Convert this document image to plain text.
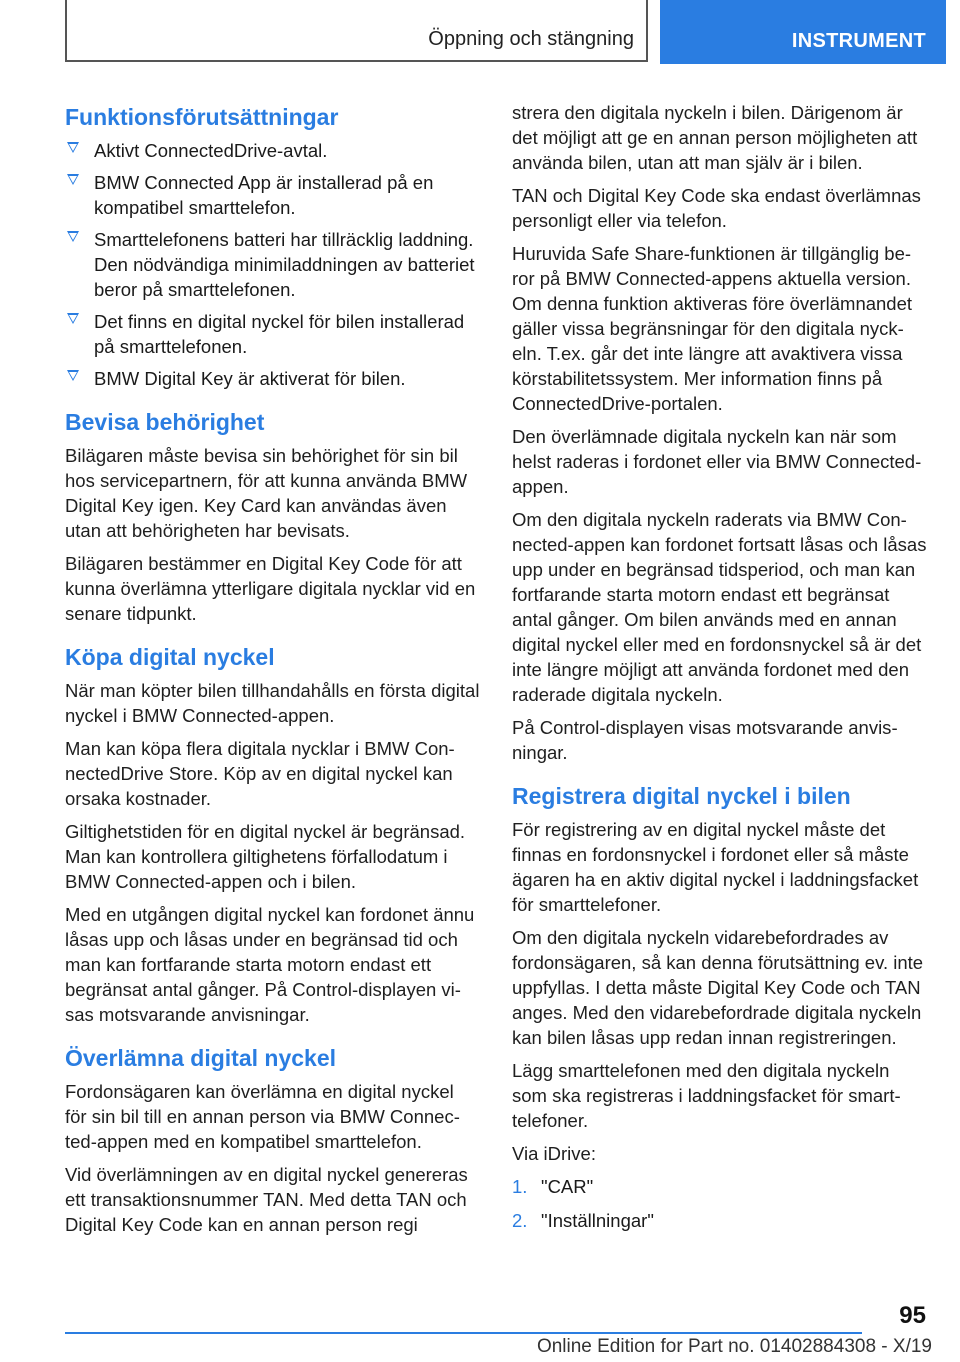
Öppning och stängning	INSTRUMENT
Funktionsförutsättningar
Aktivt ConnectedDrive-avtal.
BMW Connected App är installerad på en kompatibel smarttelefon.
Smarttelefonens batteri har tillräcklig laddning. Den nödvändiga minimiladdningen av batteriet beror på smarttelefonen.
Det finns en digital nyckel för bilen installerad på smarttelefonen.
BMW Digital Key är aktiverat för bilen.
Bevisa behörighet

Bilägaren måste bevisa sin behörighet för sin bil hos servicepartnern, för att kunna använda BMW Digital Key igen. Key Card kan användas även utan att behörigheten har bevisats.

Bilägaren bestämmer en Digital Key Code för att kunna överlämna ytterligare digitala nycklar vid en senare tidpunkt.

Köpa digital nyckel

När man köpter bilen tillhandahålls en första digital nyckel i BMW Connected-appen.

Man kan köpa flera digitala nycklar i BMW ConnectedDrive Store. Köp av en digital nyckel kan orsaka kostnader.

Giltighetstiden för en digital nyckel är begränsad. Man kan kontrollera giltighetens förfallodatum i BMW Connected-appen och i bilen.

Med en utgången digital nyckel kan fordonet ännu låsas upp och låsas under en begränsad tid och man kan fortfarande starta motorn endast ett begränsat antal gånger. På Control-displayen visas motsvarande anvisningar.

Överlämna digital nyckel

Fordonsägaren kan överlämna en digital nyckel för sin bil till en annan person via BMW Connected-appen med en kompatibel smarttelefon.

Vid överlämningen av en digital nyckel genereras ett transaktionsnummer TAN. Med detta TAN och Digital Key Code kan en annan person regi

strera den digitala nyckeln i bilen. Därigenom är det möjligt att ge en annan person möjligheten att använda bilen, utan att man själv är i bilen.

TAN och Digital Key Code ska endast överlämnas personligt eller via telefon.

Huruvida Safe Share-funktionen är tillgänglig beror på BMW Connected-appens aktuella version. Om denna funktion aktiveras före överlämnandet gäller vissa begränsningar för den digitala nyckeln. T.ex. går det inte längre att avaktivera vissa körstabilitetssystem. Mer information finns på ConnectedDrive-portalen.

Den överlämnade digitala nyckeln kan när som helst raderas i fordonet eller via BMW Connected-appen.

Om den digitala nyckeln raderats via BMW Connected-appen kan fordonet fortsatt låsas och låsas upp under en begränsad tidsperiod, och man kan fortfarande starta motorn endast ett begränsat antal gånger. Om bilen används med en annan digital nyckel eller med en fordonsnyckel så är det inte längre möjligt att använda fordonet med den raderade digitala nyckeln.

På Control-displayen visas motsvarande anvisningar.

Registrera digital nyckel i bilen

För registrering av en digital nyckel måste det finnas en fordonsnyckel i fordonet eller så måste ägaren ha en aktiv digital nyckel i laddningsfacket för smarttelefoner.

Om den digitala nyckeln vidarebefordrades av fordonsägaren, så kan denna förutsättning ev. inte uppfyllas. I detta måste Digital Key Code och TAN anges. Med den vidarebefordrade digitala nyckeln kan bilen låsas upp redan innan registreringen.

Lägg smarttelefonen med den digitala nyckeln som ska registreras i laddningsfacket för smarttelefoner.

Via iDrive:

1. "CAR"
2. "Inställningar"
95
Online Edition for Part no. 01402884308 - X/19
